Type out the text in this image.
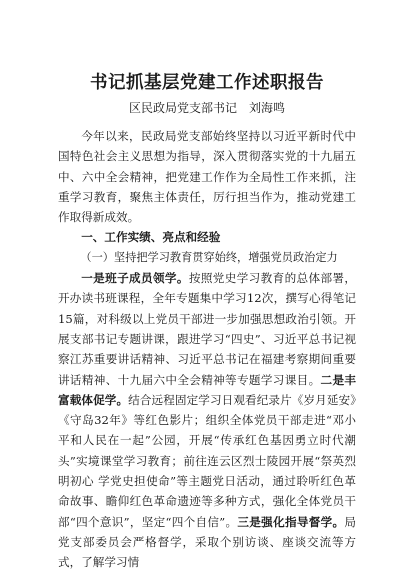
书记抓基层党建工作述职报告
区民政局党支部书记　刘海鸣

今年以来，民政局党支部始终坚持以习近平新时代中国特色社会主义思想为指导，深入贯彻落实党的十九届五中、六中全会精神，把党建工作作为全局性工作来抓，注重学习教育，聚焦主体责任，厉行担当作为，推动党建工作取得新成效。

一、工作实绩、亮点和经验

（一）坚持把学习教育贯穿始终，增强党员政治定力

一是班子成员领学。按照党史学习教育的总体部署，开办读书班课程，全年专题集中学习12次，撰写心得笔记15篇，对科级以上党员干部进一步加强思想政治引领。开展支部书记专题讲课，跟进学习“四史”、习近平总书记视察江苏重要讲话精神、习近平总书记在福建考察期间重要讲话精神、十九届六中全会精神等专题学习课目。二是丰富载体促学。结合远程固定学习日观看纪录片《岁月延安》《守岛32年》等红色影片；组织全体党员干部走进“邓小平和人民在一起”公园，开展“传承红色基因勇立时代潮头”实境课堂学习教育；前往连云区烈士陵园开展“祭英烈明初心 学党史担使命”等主题党日活动，通过聆听红色革命故事、瞻仰红色革命遗迹等多种方式，强化全体党员干部“四个意识”，坚定“四个自信”。三是强化指导督学。局党支部委员会严格督学，采取个别访谈、座谈交流等方式，了解学习情
